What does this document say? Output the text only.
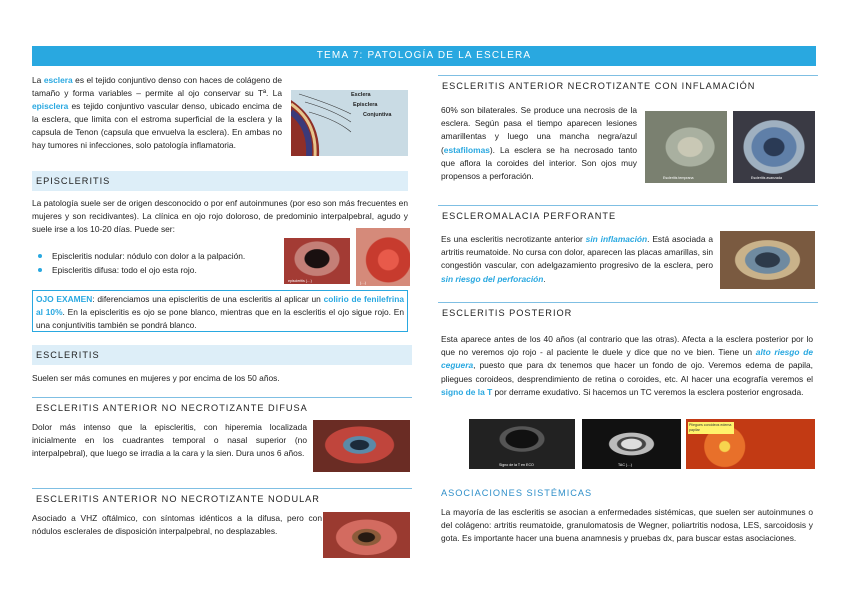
TEMA 7: PATOLOGÍA DE LA ESCLERA
La esclera es el tejido conjuntivo denso con haces de colágeno de tamaño y forma variables – permite al ojo conservar su Tª. La episclera es tejido conjuntivo vascular denso, ubicado encima de la esclera, que limita con el estroma superficial de la esclera y la capsula de Tenon (capsula que envuelva la esclera). En ambas no hay tumores ni infecciones, solo patología inflamatoria.
Esclera
Episclera
Conjuntiva
EPISCLERITIS
La patología suele ser de origen desconocido o por enf autoinmunes (por eso son más frecuentes en mujeres y son recidivantes). La clínica en ojo rojo doloroso, de predominio interpalpebral, agudo y suele irse a los 10-20 días. Puede ser:
Episcleritis nodular: nódulo con dolor a la palpación.
Episcleritis difusa: todo el ojo esta rojo.
episcleritis (…)	(…)
OJO EXAMEN: diferenciamos una episcleritis de una escleritis al aplicar un colirio de fenilefrina al 10%. En la episcleritis es ojo se pone blanco, mientras que en la escleritis el ojo sigue rojo. En una conjuntivitis también se pondrá blanco.
ESCLERITIS
Suelen ser más comunes en mujeres y por encima de los 50 años.
ESCLERITIS ANTERIOR NO NECROTIZANTE DIFUSA
Dolor más intenso que la episcleritis, con hiperemia localizada inicialmente en los cuadrantes temporal o nasal superior (no interpalpebral), que luego se irradia a la cara y la sien. Dura unos 6 años.
ESCLERITIS ANTERIOR NO NECROTIZANTE NODULAR
Asociado a VHZ oftálmico, con síntomas idénticos a la difusa, pero con nódulos esclerales de disposición interpalpebral, no desplazables.
ESCLERITIS ANTERIOR NECROTIZANTE CON INFLAMACIÓN
60% son bilaterales. Se produce una necrosis de la esclera. Según pasa el tiempo aparecen lesiones amarillentas y luego una mancha negra/azul (estafilomas). La esclera se ha necrosado tanto que aflora la coroides del interior. Son ojos muy propensos a perforación.	Escleritis temprana	Escleritis avanzada
ESCLEROMALACIA PERFORANTE
Es una escleritis necrotizante anterior sin inflamación. Está asociada a artritis reumatoide. No cursa con dolor, aparecen las placas amarillas, sin congestión vascular, con adelgazamiento progresivo de la esclera, pero sin riesgo del perforación.
ESCLERITIS POSTERIOR
Esta aparece antes de los 40 años (al contrario que las otras). Afecta a la esclera posterior por lo que no veremos ojo rojo - al paciente le duele y dice que no ve bien. Tiene un alto riesgo de ceguera, puesto que para dx tenemos que hacer un fondo de ojo. Veremos edema de papila, pliegues coroideos, desprendimiento de retina o coroides, etc. Al hacer una ecografía veremos el signo de la T por derrame exudativo. Si hacemos un TC veremos la esclera posterior engrosada.
Signo de la T en ECO	TAC (…)
Pliegues coroideos edema papilar
ASOCIACIONES SISTÉMICAS
La mayoría de las escleritis se asocian a enfermedades sistémicas, que suelen ser autoinmunes o del colágeno: artritis reumatoide, granulomatosis de Wegner, poliartritis nodosa, LES, sarcoidosis y gota. Es importante hacer una buena anamnesis y pruebas dx, para buscar estas asociaciones.
